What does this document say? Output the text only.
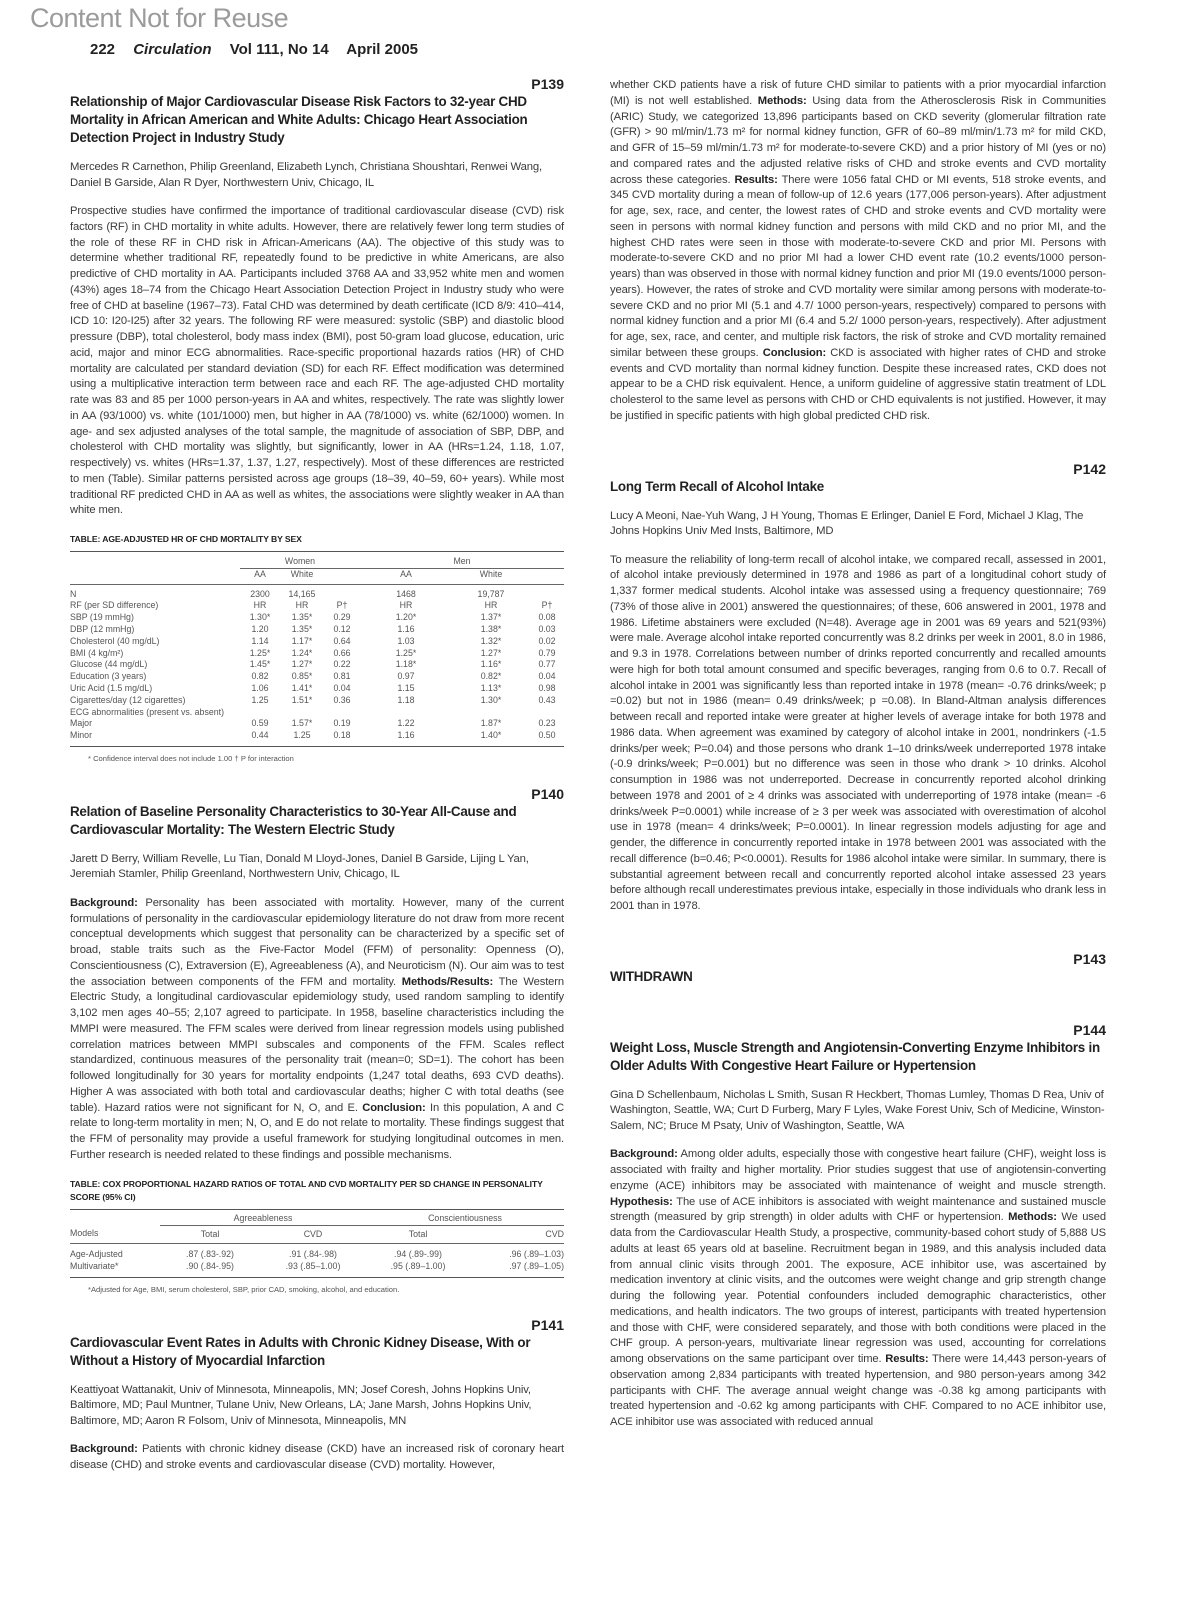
Content Not for Reuse
222 Circulation Vol 111, No 14 April 2005
P139
Relationship of Major Cardiovascular Disease Risk Factors to 32-year CHD Mortality in African American and White Adults: Chicago Heart Association Detection Project in Industry Study
Mercedes R Carnethon, Philip Greenland, Elizabeth Lynch, Christiana Shoushtari, Renwei Wang, Daniel B Garside, Alan R Dyer, Northwestern Univ, Chicago, IL
Prospective studies have confirmed the importance of traditional cardiovascular disease (CVD) risk factors (RF) in CHD mortality in white adults. However, there are relatively fewer long term studies of the role of these RF in CHD risk in African-Americans (AA). The objective of this study was to determine whether traditional RF, repeatedly found to be predictive in white Americans, are also predictive of CHD mortality in AA. Participants included 3768 AA and 33,952 white men and women (43%) ages 18–74 from the Chicago Heart Association Detection Project in Industry study who were free of CHD at baseline (1967–73). Fatal CHD was determined by death certificate (ICD 8/9: 410–414, ICD 10: I20-I25) after 32 years. The following RF were measured: systolic (SBP) and diastolic blood pressure (DBP), total cholesterol, body mass index (BMI), post 50-gram load glucose, education, uric acid, major and minor ECG abnormalities. Race-specific proportional hazards ratios (HR) of CHD mortality are calculated per standard deviation (SD) for each RF. Effect modification was determined using a multiplicative interaction term between race and each RF. The age-adjusted CHD mortality rate was 83 and 85 per 1000 person-years in AA and whites, respectively. The rate was slightly lower in AA (93/1000) vs. white (101/1000) men, but higher in AA (78/1000) vs. white (62/1000) women. In age- and sex adjusted analyses of the total sample, the magnitude of association of SBP, DBP, and cholesterol with CHD mortality was slightly, but significantly, lower in AA (HRs=1.24, 1.18, 1.07, respectively) vs. whites (HRs=1.37, 1.37, 1.27, respectively). Most of these differences are restricted to men (Table). Similar patterns persisted across age groups (18–39, 40–59, 60+ years). While most traditional RF predicted CHD in AA as well as whites, the associations were slightly weaker in AA than white men.
TABLE: AGE-ADJUSTED HR OF CHD MORTALITY BY SEX
	Women			Men		
	AA	White		AA	White	
N	2300	14,165		1468	19,787	
RF (per SD difference)	HR	HR	P†	HR	HR	P†
SBP (19 mmHg)	1.30*	1.35*	0.29	1.20*	1.37*	0.08
DBP (12 mmHg)	1.20	1.35*	0.12	1.16	1.38*	0.03
Cholesterol (40 mg/dL)	1.14	1.17*	0.64	1.03	1.32*	0.02
BMI (4 kg/m²)	1.25*	1.24*	0.66	1.25*	1.27*	0.79
Glucose (44 mg/dL)	1.45*	1.27*	0.22	1.18*	1.16*	0.77
Education (3 years)	0.82	0.85*	0.81	0.97	0.82*	0.04
Uric Acid (1.5 mg/dL)	1.06	1.41*	0.04	1.15	1.13*	0.98
Cigarettes/day (12 cigarettes)	1.25	1.51*	0.36	1.18	1.30*	0.43
ECG abnormalities (present vs. absent)						
Major	0.59	1.57*	0.19	1.22	1.87*	0.23
Minor	0.44	1.25	0.18	1.16	1.40*	0.50
* Confidence interval does not include 1.00 † P for interaction
P140
Relation of Baseline Personality Characteristics to 30-Year All-Cause and Cardiovascular Mortality: The Western Electric Study
Jarett D Berry, William Revelle, Lu Tian, Donald M Lloyd-Jones, Daniel B Garside, Lijing L Yan, Jeremiah Stamler, Philip Greenland, Northwestern Univ, Chicago, IL
Background: Personality has been associated with mortality. However, many of the current formulations of personality in the cardiovascular epidemiology literature do not draw from more recent conceptual developments which suggest that personality can be characterized by a specific set of broad, stable traits such as the Five-Factor Model (FFM) of personality: Openness (O), Conscientiousness (C), Extraversion (E), Agreeableness (A), and Neuroticism (N). Our aim was to test the association between components of the FFM and mortality. Methods/Results: The Western Electric Study, a longitudinal cardiovascular epidemiology study, used random sampling to identify 3,102 men ages 40–55; 2,107 agreed to participate. In 1958, baseline characteristics including the MMPI were measured. The FFM scales were derived from linear regression models using published correlation matrices between MMPI subscales and components of the FFM. Scales reflect standardized, continuous measures of the personality trait (mean=0; SD=1). The cohort has been followed longitudinally for 30 years for mortality endpoints (1,247 total deaths, 693 CVD deaths). Higher A was associated with both total and cardiovascular deaths; higher C with total deaths (see table). Hazard ratios were not significant for N, O, and E. Conclusion: In this population, A and C relate to long-term mortality in men; N, O, and E do not relate to mortality. These findings suggest that the FFM of personality may provide a useful framework for studying longitudinal outcomes in men. Further research is needed related to these findings and possible mechanisms.
TABLE: COX PROPORTIONAL HAZARD RATIOS OF TOTAL AND CVD MORTALITY PER SD CHANGE IN PERSONALITY SCORE (95% CI)
	Agreeableness		Conscientiousness	
Models	Total	CVD	Total	CVD
Age-Adjusted	.87 (.83-.92)	.91 (.84-.98)	.94 (.89-.99)	.96 (.89–1.03)
Multivariate*	.90 (.84-.95)	.93 (.85–1.00)	.95 (.89–1.00)	.97 (.89–1.05)
*Adjusted for Age, BMI, serum cholesterol, SBP, prior CAD, smoking, alcohol, and education.
P141
Cardiovascular Event Rates in Adults with Chronic Kidney Disease, With or Without a History of Myocardial Infarction
Keattiyoat Wattanakit, Univ of Minnesota, Minneapolis, MN; Josef Coresh, Johns Hopkins Univ, Baltimore, MD; Paul Muntner, Tulane Univ, New Orleans, LA; Jane Marsh, Johns Hopkins Univ, Baltimore, MD; Aaron R Folsom, Univ of Minnesota, Minneapolis, MN
Background: Patients with chronic kidney disease (CKD) have an increased risk of coronary heart disease (CHD) and stroke events and cardiovascular disease (CVD) mortality. However,
whether CKD patients have a risk of future CHD similar to patients with a prior myocardial infarction (MI) is not well established. Methods: Using data from the Atherosclerosis Risk in Communities (ARIC) Study, we categorized 13,896 participants based on CKD severity (glomerular filtration rate (GFR) > 90 ml/min/1.73 m² for normal kidney function, GFR of 60–89 ml/min/1.73 m² for mild CKD, and GFR of 15–59 ml/min/1.73 m² for moderate-to-severe CKD) and a prior history of MI (yes or no) and compared rates and the adjusted relative risks of CHD and stroke events and CVD mortality across these categories. Results: There were 1056 fatal CHD or MI events, 518 stroke events, and 345 CVD mortality during a mean of follow-up of 12.6 years (177,006 person-years). After adjustment for age, sex, race, and center, the lowest rates of CHD and stroke events and CVD mortality were seen in persons with normal kidney function and persons with mild CKD and no prior MI, and the highest CHD rates were seen in those with moderate-to-severe CKD and prior MI. Persons with moderate-to-severe CKD and no prior MI had a lower CHD event rate (10.2 events/1000 person-years) than was observed in those with normal kidney function and prior MI (19.0 events/1000 person-years). However, the rates of stroke and CVD mortality were similar among persons with moderate-to-severe CKD and no prior MI (5.1 and 4.7/ 1000 person-years, respectively) compared to persons with normal kidney function and a prior MI (6.4 and 5.2/ 1000 person-years, respectively). After adjustment for age, sex, race, and center, and multiple risk factors, the risk of stroke and CVD mortality remained similar between these groups. Conclusion: CKD is associated with higher rates of CHD and stroke events and CVD mortality than normal kidney function. Despite these increased rates, CKD does not appear to be a CHD risk equivalent. Hence, a uniform guideline of aggressive statin treatment of LDL cholesterol to the same level as persons with CHD or CHD equivalents is not justified. However, it may be justified in specific patients with high global predicted CHD risk.
P142
Long Term Recall of Alcohol Intake
Lucy A Meoni, Nae-Yuh Wang, J H Young, Thomas E Erlinger, Daniel E Ford, Michael J Klag, The Johns Hopkins Univ Med Insts, Baltimore, MD
To measure the reliability of long-term recall of alcohol intake, we compared recall, assessed in 2001, of alcohol intake previously determined in 1978 and 1986 as part of a longitudinal cohort study of 1,337 former medical students. Alcohol intake was assessed using a frequency questionnaire; 769 (73% of those alive in 2001) answered the questionnaires; of these, 606 answered in 2001, 1978 and 1986. Lifetime abstainers were excluded (N=48). Average age in 2001 was 69 years and 521(93%) were male. Average alcohol intake reported concurrently was 8.2 drinks per week in 2001, 8.0 in 1986, and 9.3 in 1978. Correlations between number of drinks reported concurrently and recalled amounts were high for both total amount consumed and specific beverages, ranging from 0.6 to 0.7. Recall of alcohol intake in 2001 was significantly less than reported intake in 1978 (mean= -0.76 drinks/week; p =0.02) but not in 1986 (mean= 0.49 drinks/week; p =0.08). In Bland-Altman analysis differences between recall and reported intake were greater at higher levels of average intake for both 1978 and 1986 data. When agreement was examined by category of alcohol intake in 2001, nondrinkers (-1.5 drinks/per week; P=0.04) and those persons who drank 1–10 drinks/week underreported 1978 intake (-0.9 drinks/week; P=0.001) but no difference was seen in those who drank > 10 drinks. Alcohol consumption in 1986 was not underreported. Decrease in concurrently reported alcohol drinking between 1978 and 2001 of ≥ 4 drinks was associated with underreporting of 1978 intake (mean= -6 drinks/week P=0.0001) while increase of ≥ 3 per week was associated with overestimation of alcohol use in 1978 (mean= 4 drinks/week; P=0.0001). In linear regression models adjusting for age and gender, the difference in concurrently reported intake in 1978 between 2001 was associated with the recall difference (b=0.46; P<0.0001). Results for 1986 alcohol intake were similar. In summary, there is substantial agreement between recall and concurrently reported alcohol intake assessed 23 years before although recall underestimates previous intake, especially in those individuals who drank less in 2001 than in 1978.
P143
WITHDRAWN
P144
Weight Loss, Muscle Strength and Angiotensin-Converting Enzyme Inhibitors in Older Adults With Congestive Heart Failure or Hypertension
Gina D Schellenbaum, Nicholas L Smith, Susan R Heckbert, Thomas Lumley, Thomas D Rea, Univ of Washington, Seattle, WA; Curt D Furberg, Mary F Lyles, Wake Forest Univ, Sch of Medicine, Winston-Salem, NC; Bruce M Psaty, Univ of Washington, Seattle, WA
Background: Among older adults, especially those with congestive heart failure (CHF), weight loss is associated with frailty and higher mortality. Prior studies suggest that use of angiotensin-converting enzyme (ACE) inhibitors may be associated with maintenance of weight and muscle strength. Hypothesis: The use of ACE inhibitors is associated with weight maintenance and sustained muscle strength (measured by grip strength) in older adults with CHF or hypertension. Methods: We used data from the Cardiovascular Health Study, a prospective, community-based cohort study of 5,888 US adults at least 65 years old at baseline. Recruitment began in 1989, and this analysis included data from annual clinic visits through 2001. The exposure, ACE inhibitor use, was ascertained by medication inventory at clinic visits, and the outcomes were weight change and grip strength change during the following year. Potential confounders included demographic characteristics, other medications, and health indicators. The two groups of interest, participants with treated hypertension and those with CHF, were considered separately, and those with both conditions were placed in the CHF group. A person-years, multivariate linear regression was used, accounting for correlations among observations on the same participant over time. Results: There were 14,443 person-years of observation among 2,834 participants with treated hypertension, and 980 person-years among 342 participants with CHF. The average annual weight change was -0.38 kg among participants with treated hypertension and -0.62 kg among participants with CHF. Compared to no ACE inhibitor use, ACE inhibitor use was associated with reduced annual
